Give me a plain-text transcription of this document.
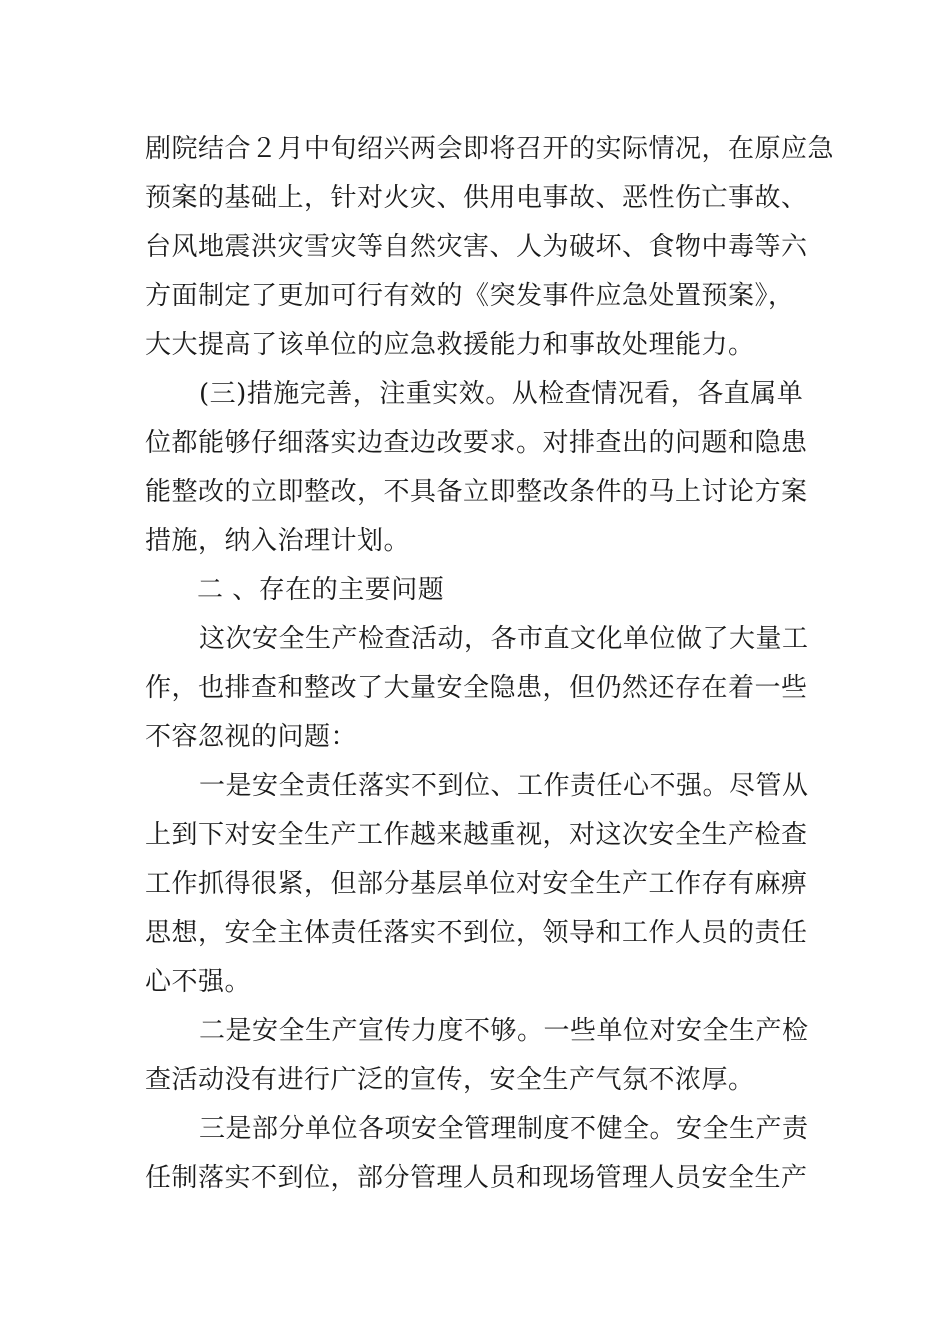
剧院结合２月中旬绍兴两会即将召开的实际情况，在原应急
预案的基础上，针对火灾、供用电事故、恶性伤亡事故、
台风地震洪灾雪灾等自然灾害、人为破坏、食物中毒等六
方面制定了更加可行有效的《突发事件应急处置预案》，
大大提高了该单位的应急救援能力和事故处理能力。
(三)措施完善，注重实效。从检查情况看，各直属单
位都能够仔细落实边查边改要求。对排查出的问题和隐患
能整改的立即整改，不具备立即整改条件的马上讨论方案
措施，纳入治理计划。
二 、存在的主要问题
这次安全生产检查活动，各市直文化单位做了大量工
作，也排查和整改了大量安全隐患，但仍然还存在着一些
不容忽视的问题：
一是安全责任落实不到位、工作责任心不强。尽管从
上到下对安全生产工作越来越重视，对这次安全生产检查
工作抓得很紧，但部分基层单位对安全生产工作存有麻痹
思想，安全主体责任落实不到位，领导和工作人员的责任
心不强。
二是安全生产宣传力度不够。一些单位对安全生产检
查活动没有进行广泛的宣传，安全生产气氛不浓厚。
三是部分单位各项安全管理制度不健全。安全生产责
任制落实不到位，部分管理人员和现场管理人员安全生产
